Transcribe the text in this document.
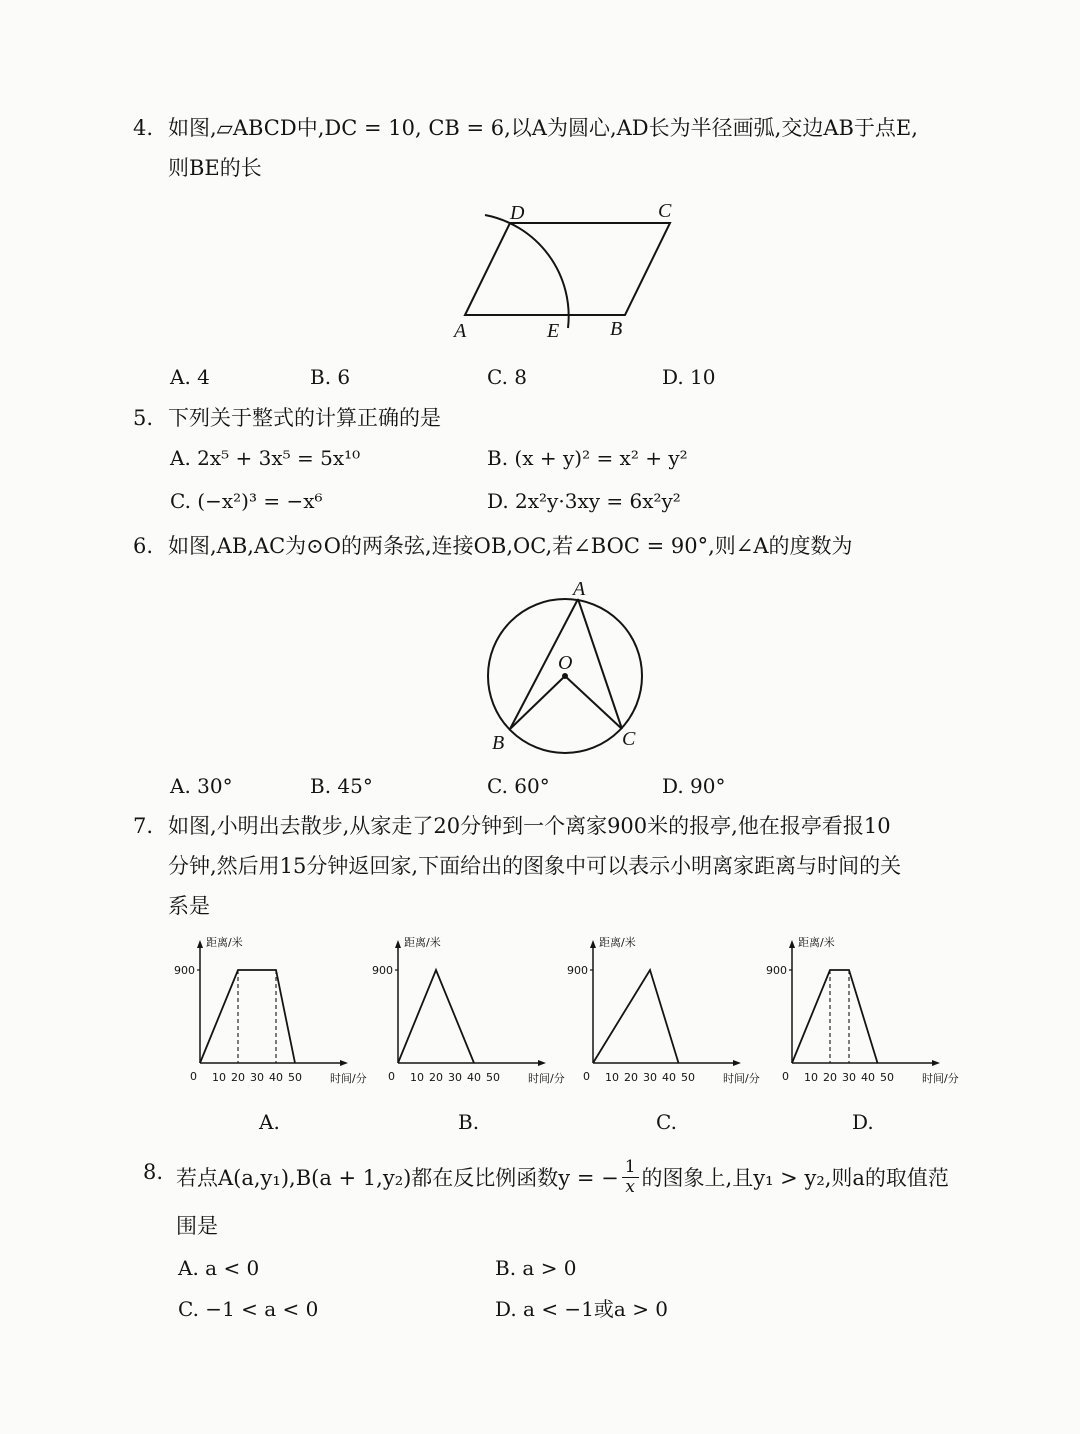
4. 如图,▱ABCD中,DC = 10, CB = 6,以A为圆心,AD长为半径画弧,交边AB于点E,
则BE的长
D	C
A	E	B
A. 4	B. 6	C. 8	D. 10
5. 下列关于整式的计算正确的是
A. 2x⁵ + 3x⁵ = 5x¹⁰	B. (x + y)² = x² + y²
C. (−x²)³ = −x⁶	D. 2x²y·3xy = 6x²y²
6. 如图,AB,AC为⊙O的两条弦,连接OB,OC,若∠BOC = 90°,则∠A的度数为
A
O
B	C
A. 30°	B. 45°	C. 60°	D. 90°
7. 如图,小明出去散步,从家走了20分钟到一个离家900米的报亭,他在报亭看报10
分钟,然后用15分钟返回家,下面给出的图象中可以表示小明离家距离与时间的关
系是
距离/米
时间/分
900
0 10 20 30 40 50
距离/米
时间/分
900
0 10 20 30 40 50
距离/米
时间/分
900
0 10 20 30 40 50
距离/米
时间/分
900
0 10 20 30 40 50
A.	B.	C.	D.
8. 若点A(a,y₁),B(a + 1,y₂)都在反比例函数y = − $\frac{1}{x}$ 的图象上,且y₁ > y₂,则a的取值范
围是
A. a < 0	B. a > 0
C. −1 < a < 0	D. a < −1或a > 0
